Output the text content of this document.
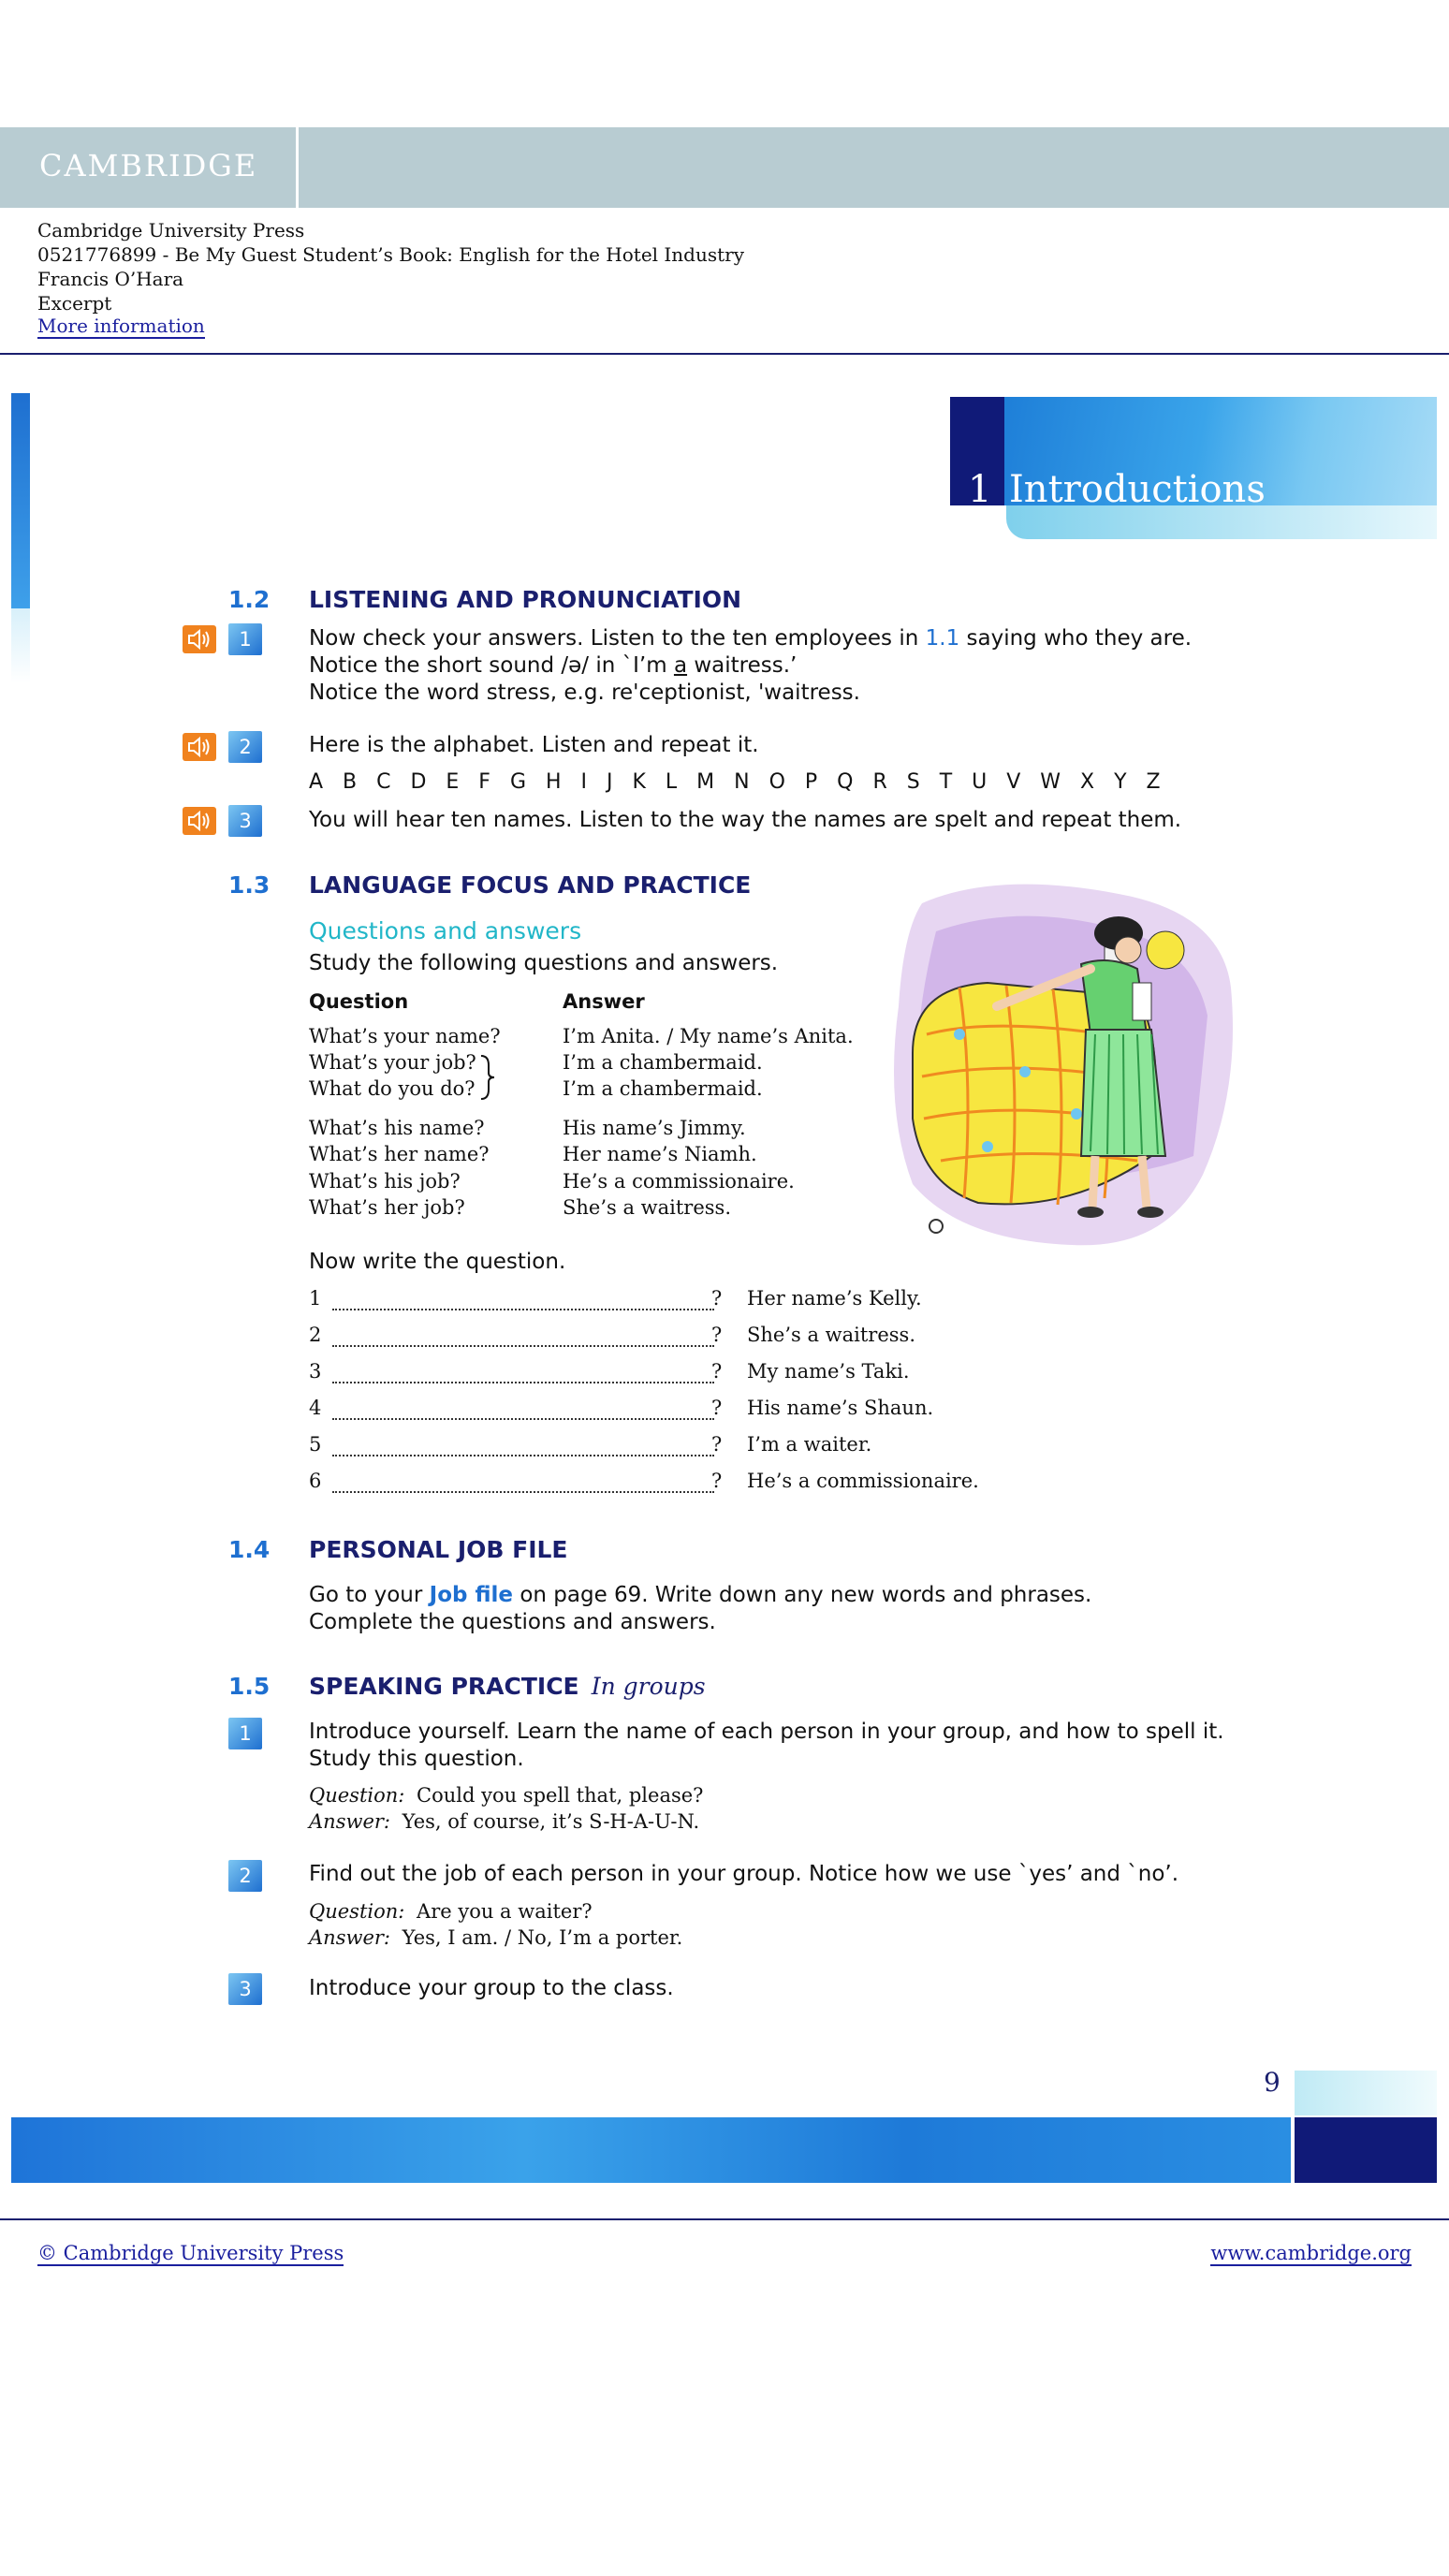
CAMBRIDGE
Cambridge University Press
0521776899 - Be My Guest Student’s Book: English for the Hotel Industry
Francis O’Hara
Excerpt
More information
1 Introductions
1.2 LISTENING AND PRONUNCIATION
1	Now check your answers. Listen to the ten employees in 1.1 saying who they are.
Notice the short sound /ə/ in `I’m a waitress.’
Notice the word stress, e.g. re'ceptionist, 'waitress.
2	Here is the alphabet. Listen and repeat it.
A B C D E F G H I J K L M N O P Q R S T U V W X Y Z
3	You will hear ten names. Listen to the way the names are spelt and repeat them.
1.3 LANGUAGE FOCUS AND PRACTICE
Questions and answers
Study the following questions and answers.
Question	Answer
What’s your name?	I’m Anita. / My name’s Anita.
What’s your job?	I’m a chambermaid.
What do you do?	I’m a chambermaid.
What’s his name?	His name’s Jimmy.
What’s her name?	Her name’s Niamh.
What’s his job?	He’s a commissionaire.
What’s her job?	She’s a waitress.
Now write the question.
1	? Her name’s Kelly.
2	? She’s a waitress.
3	? My name’s Taki.
4	? His name’s Shaun.
5	? I’m a waiter.
6	? He’s a commissionaire.
1.4 PERSONAL JOB FILE
Go to your Job file on page 69. Write down any new words and phrases.
Complete the questions and answers.
1.5 SPEAKING PRACTICE In groups
1	Introduce yourself. Learn the name of each person in your group, and how to spell it.
Study this question.
Question: Could you spell that, please?
Answer: Yes, of course, it’s S-H-A-U-N.
2	Find out the job of each person in your group. Notice how we use `yes’ and `no’.
Question: Are you a waiter?
Answer: Yes, I am. / No, I’m a porter.
3	Introduce your group to the class.
9
© Cambridge University Press	www.cambridge.org
